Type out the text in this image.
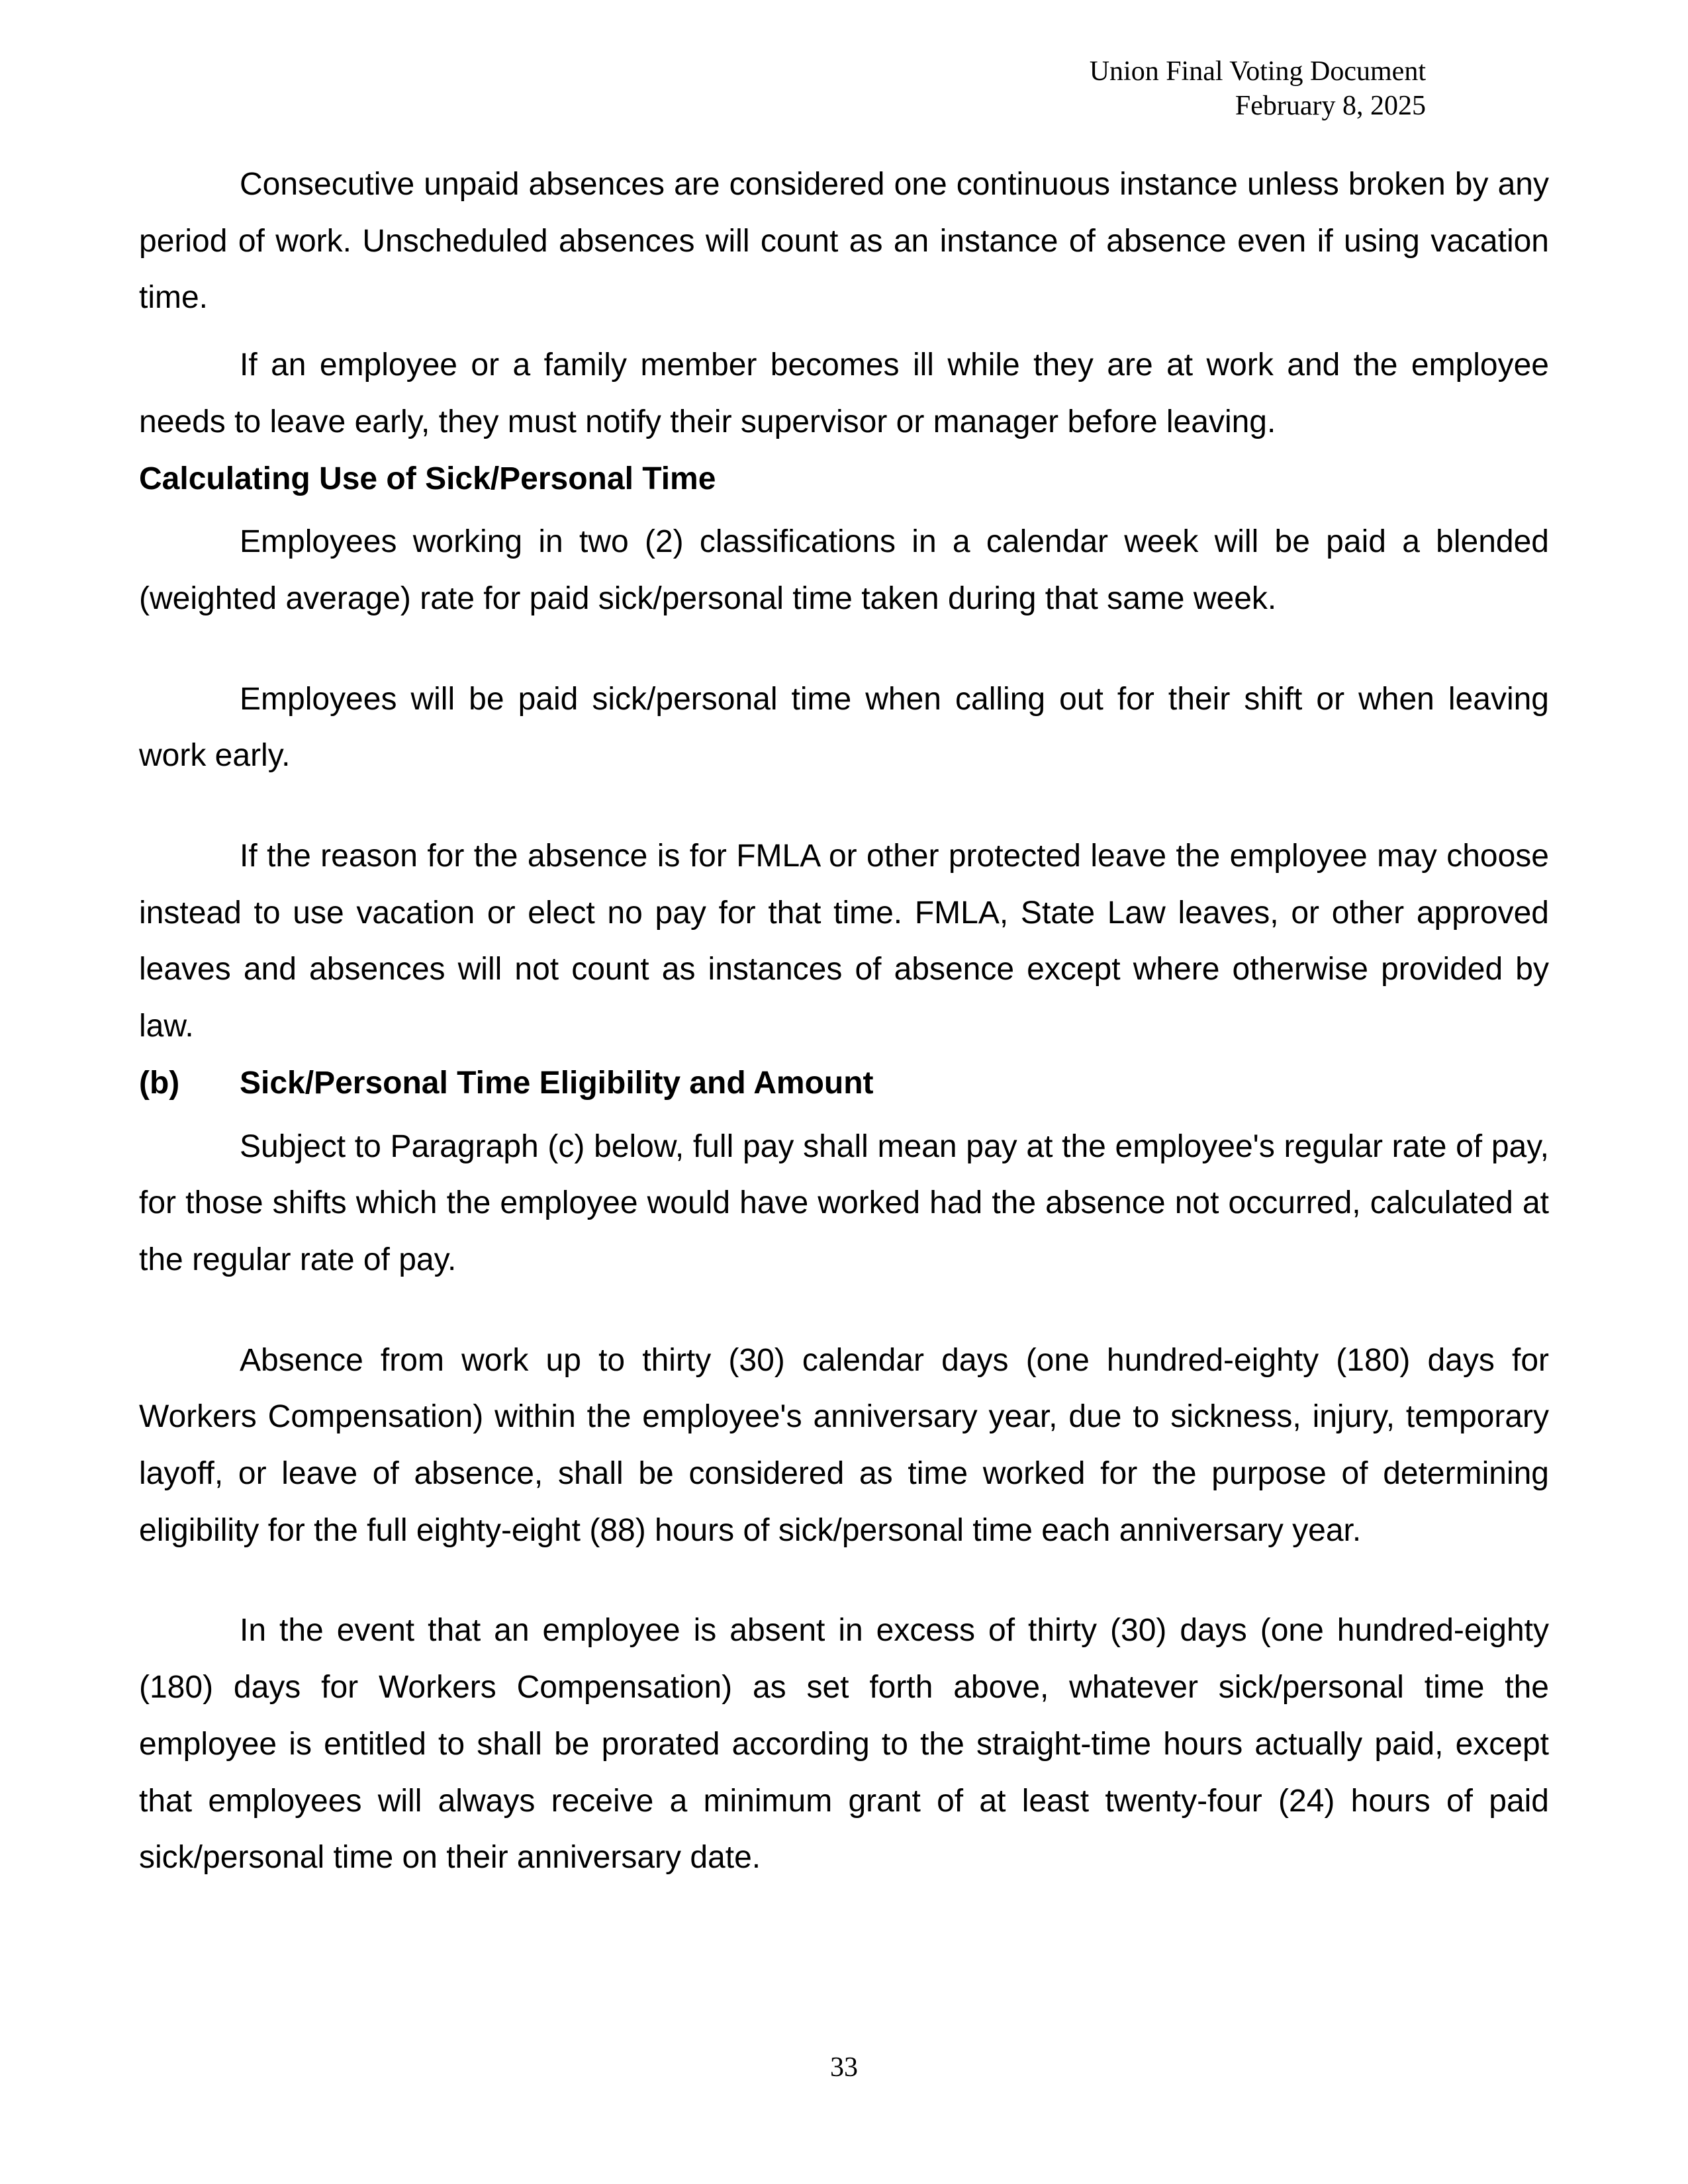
Union Final Voting Document
February 8, 2025

Consecutive unpaid absences are considered one continuous instance unless broken by any period of work. Unscheduled absences will count as an instance of absence even if using vacation time.

If an employee or a family member becomes ill while they are at work and the employee needs to leave early, they must notify their supervisor or manager before leaving.

Calculating Use of Sick/Personal Time

Employees working in two (2) classifications in a calendar week will be paid a blended (weighted average) rate for paid sick/personal time taken during that same week.

Employees will be paid sick/personal time when calling out for their shift or when leaving work early.

If the reason for the absence is for FMLA or other protected leave the employee may choose instead to use vacation or elect no pay for that time. FMLA, State Law leaves, or other approved leaves and absences will not count as instances of absence except where otherwise provided by law.

(b)	Sick/Personal Time Eligibility and Amount

Subject to Paragraph (c) below, full pay shall mean pay at the employee's regular rate of pay, for those shifts which the employee would have worked had the absence not occurred, calculated at the regular rate of pay.

Absence from work up to thirty (30) calendar days (one hundred-eighty (180) days for Workers Compensation) within the employee's anniversary year, due to sickness, injury, temporary layoff, or leave of absence, shall be considered as time worked for the purpose of determining eligibility for the full eighty-eight (88) hours of sick/personal time each anniversary year.

In the event that an employee is absent in excess of thirty (30) days (one hundred-eighty (180) days for Workers Compensation) as set forth above, whatever sick/personal time the employee is entitled to shall be prorated according to the straight-time hours actually paid, except that employees will always receive a minimum grant of at least twenty-four (24) hours of paid sick/personal time on their anniversary date.

33
